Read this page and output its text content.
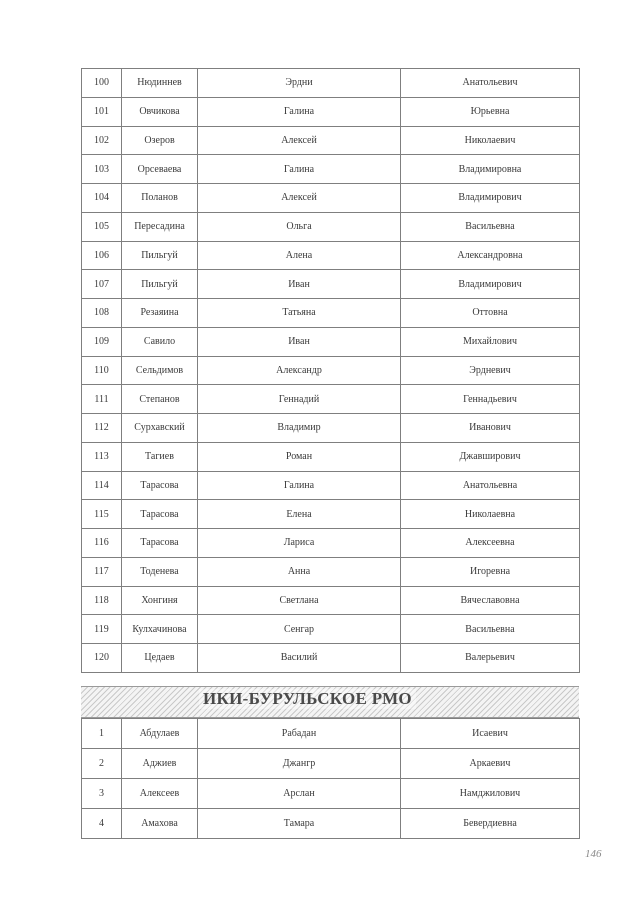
100	Нюдиннев	Эрдни	Анатольевич
101	Овчикова	Галина	Юрьевна
102	Озеров	Алексей	Николаевич
103	Орсеваева	Галина	Владимировна
104	Поланов	Алексей	Владимирович
105	Пересадина	Ольга	Васильевна
106	Пильгуй	Алена	Александровна
107	Пильгуй	Иван	Владимирович
108	Резаяина	Татьяна	Оттовна
109	Савило	Иван	Михайлович
110	Сельдимов	Александр	Эрдневич
111	Степанов	Геннадий	Геннадьевич
112	Сурхавский	Владимир	Иванович
113	Тагиев	Роман	Джавширович
114	Тарасова	Галина	Анатольевна
115	Тарасова	Елена	Николаевна
116	Тарасова	Лариса	Алексеевна
117	Тоденева	Анна	Игоревна
118	Хонгиня	Светлана	Вячеславовна
119	Кулхачинова	Сенгар	Васильевна
120	Цедаев	Василий	Валерьевич
ИКИ-БУРУЛЬСКОЕ РМО
1	Абдулаев	Рабадан	Исаевич
2	Аджиев	Джангр	Аркаевич
3	Алексеев	Арслан	Намджилович
4	Амахова	Тамара	Бевердиевна
146
